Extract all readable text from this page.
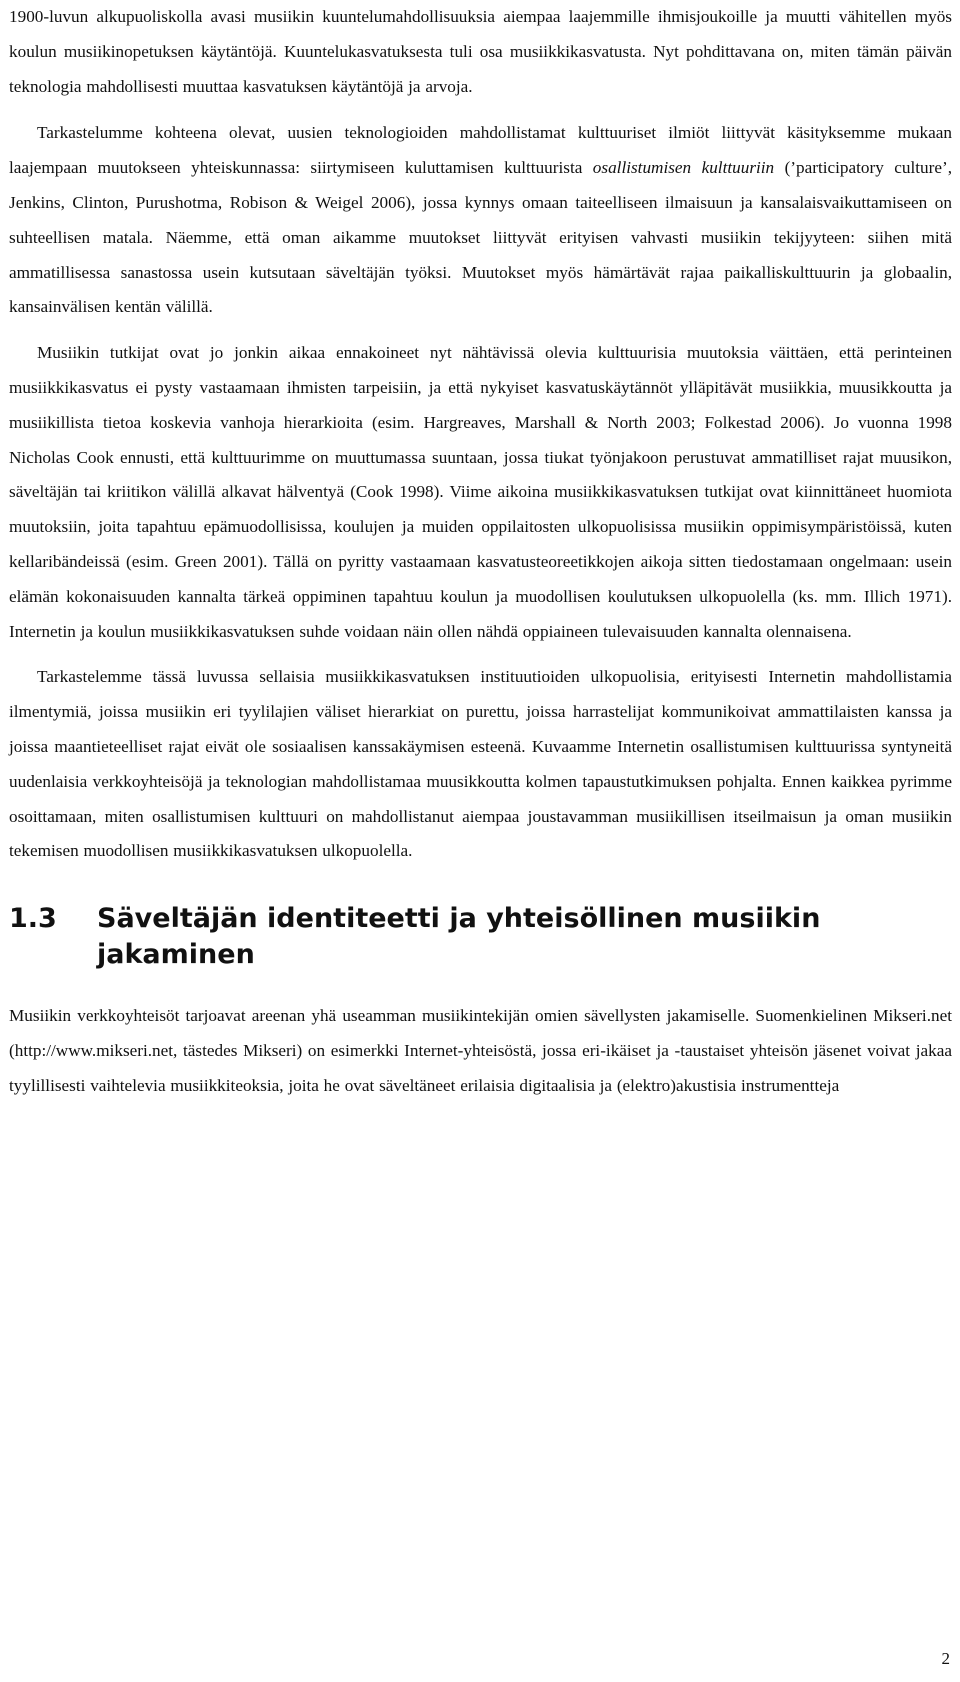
1900-luvun alkupuoliskolla avasi musiikin kuuntelumahdollisuuksia aiempaa laajemmille ihmisjoukoille ja muutti vähitellen myös koulun musiikinopetuksen käytäntöjä. Kuuntelukasvatuksesta tuli osa musiikkikasvatusta. Nyt pohdittavana on, miten tämän päivän teknologia mahdollisesti muuttaa kasvatuksen käytäntöjä ja arvoja.

Tarkastelumme kohteena olevat, uusien teknologioiden mahdollistamat kulttuuriset ilmiöt liittyvät käsityksemme mukaan laajempaan muutokseen yhteiskunnassa: siirtymiseen kuluttamisen kulttuurista osallistumisen kulttuuriin (’participatory culture’, Jenkins, Clinton, Purushotma, Robison & Weigel 2006), jossa kynnys omaan taiteelliseen ilmaisuun ja kansalaisvaikuttamiseen on suhteellisen matala. Näemme, että oman aikamme muutokset liittyvät erityisen vahvasti musiikin tekijyyteen: siihen mitä ammatillisessa sanastossa usein kutsutaan säveltäjän työksi. Muutokset myös hämärtävät rajaa paikalliskulttuurin ja globaalin, kansainvälisen kentän välillä.

Musiikin tutkijat ovat jo jonkin aikaa ennakoineet nyt nähtävissä olevia kulttuurisia muutoksia väittäen, että perinteinen musiikkikasvatus ei pysty vastaamaan ihmisten tarpeisiin, ja että nykyiset kasvatuskäytännöt ylläpitävät musiikkia, muusikkoutta ja musiikillista tietoa koskevia vanhoja hierarkioita (esim. Hargreaves, Marshall & North 2003; Folkestad 2006). Jo vuonna 1998 Nicholas Cook ennusti, että kulttuurimme on muuttumassa suuntaan, jossa tiukat työnjakoon perustuvat ammatilliset rajat muusikon, säveltäjän tai kriitikon välillä alkavat hälventyä (Cook 1998). Viime aikoina musiikkikasvatuksen tutkijat ovat kiinnittäneet huomiota muutoksiin, joita tapahtuu epämuodollisissa, koulujen ja muiden oppilaitosten ulkopuolisissa musiikin oppimisympäristöissä, kuten kellaribändeissä (esim. Green 2001). Tällä on pyritty vastaamaan kasvatusteoreetikkojen aikoja sitten tiedostamaan ongelmaan: usein elämän kokonaisuuden kannalta tärkeä oppiminen tapahtuu koulun ja muodollisen koulutuksen ulkopuolella (ks. mm. Illich 1971). Internetin ja koulun musiikkikasvatuksen suhde voidaan näin ollen nähdä oppiaineen tulevaisuuden kannalta olennaisena.

Tarkastelemme tässä luvussa sellaisia musiikkikasvatuksen instituutioiden ulkopuolisia, erityisesti Internetin mahdollistamia ilmentymiä, joissa musiikin eri tyylilajien väliset hierarkiat on purettu, joissa harrastelijat kommunikoivat ammattilaisten kanssa ja joissa maantieteelliset rajat eivät ole sosiaalisen kanssakäymisen esteenä. Kuvaamme Internetin osallistumisen kulttuurissa syntyneitä uudenlaisia verkkoyhteisöjä ja teknologian mahdollistamaa muusikkoutta kolmen tapaustutkimuksen pohjalta. Ennen kaikkea pyrimme osoittamaan, miten osallistumisen kulttuuri on mahdollistanut aiempaa joustavamman musiikillisen itseilmaisun ja oman musiikin tekemisen muodollisen musiikkikasvatuksen ulkopuolella.

1.3	Säveltäjän identiteetti ja yhteisöllinen musiikin jakaminen

Musiikin verkkoyhteisöt tarjoavat areenan yhä useamman musiikintekijän omien sävellysten jakamiselle. Suomenkielinen Mikseri.net (http://www.mikseri.net, tästedes Mikseri) on esimerkki Internet-yhteisöstä, jossa eri-ikäiset ja -taustaiset yhteisön jäsenet voivat jakaa tyylillisesti vaihtelevia musiikkiteoksia, joita he ovat säveltäneet erilaisia digitaalisia ja (elektro)akustisia instrumentteja

2
